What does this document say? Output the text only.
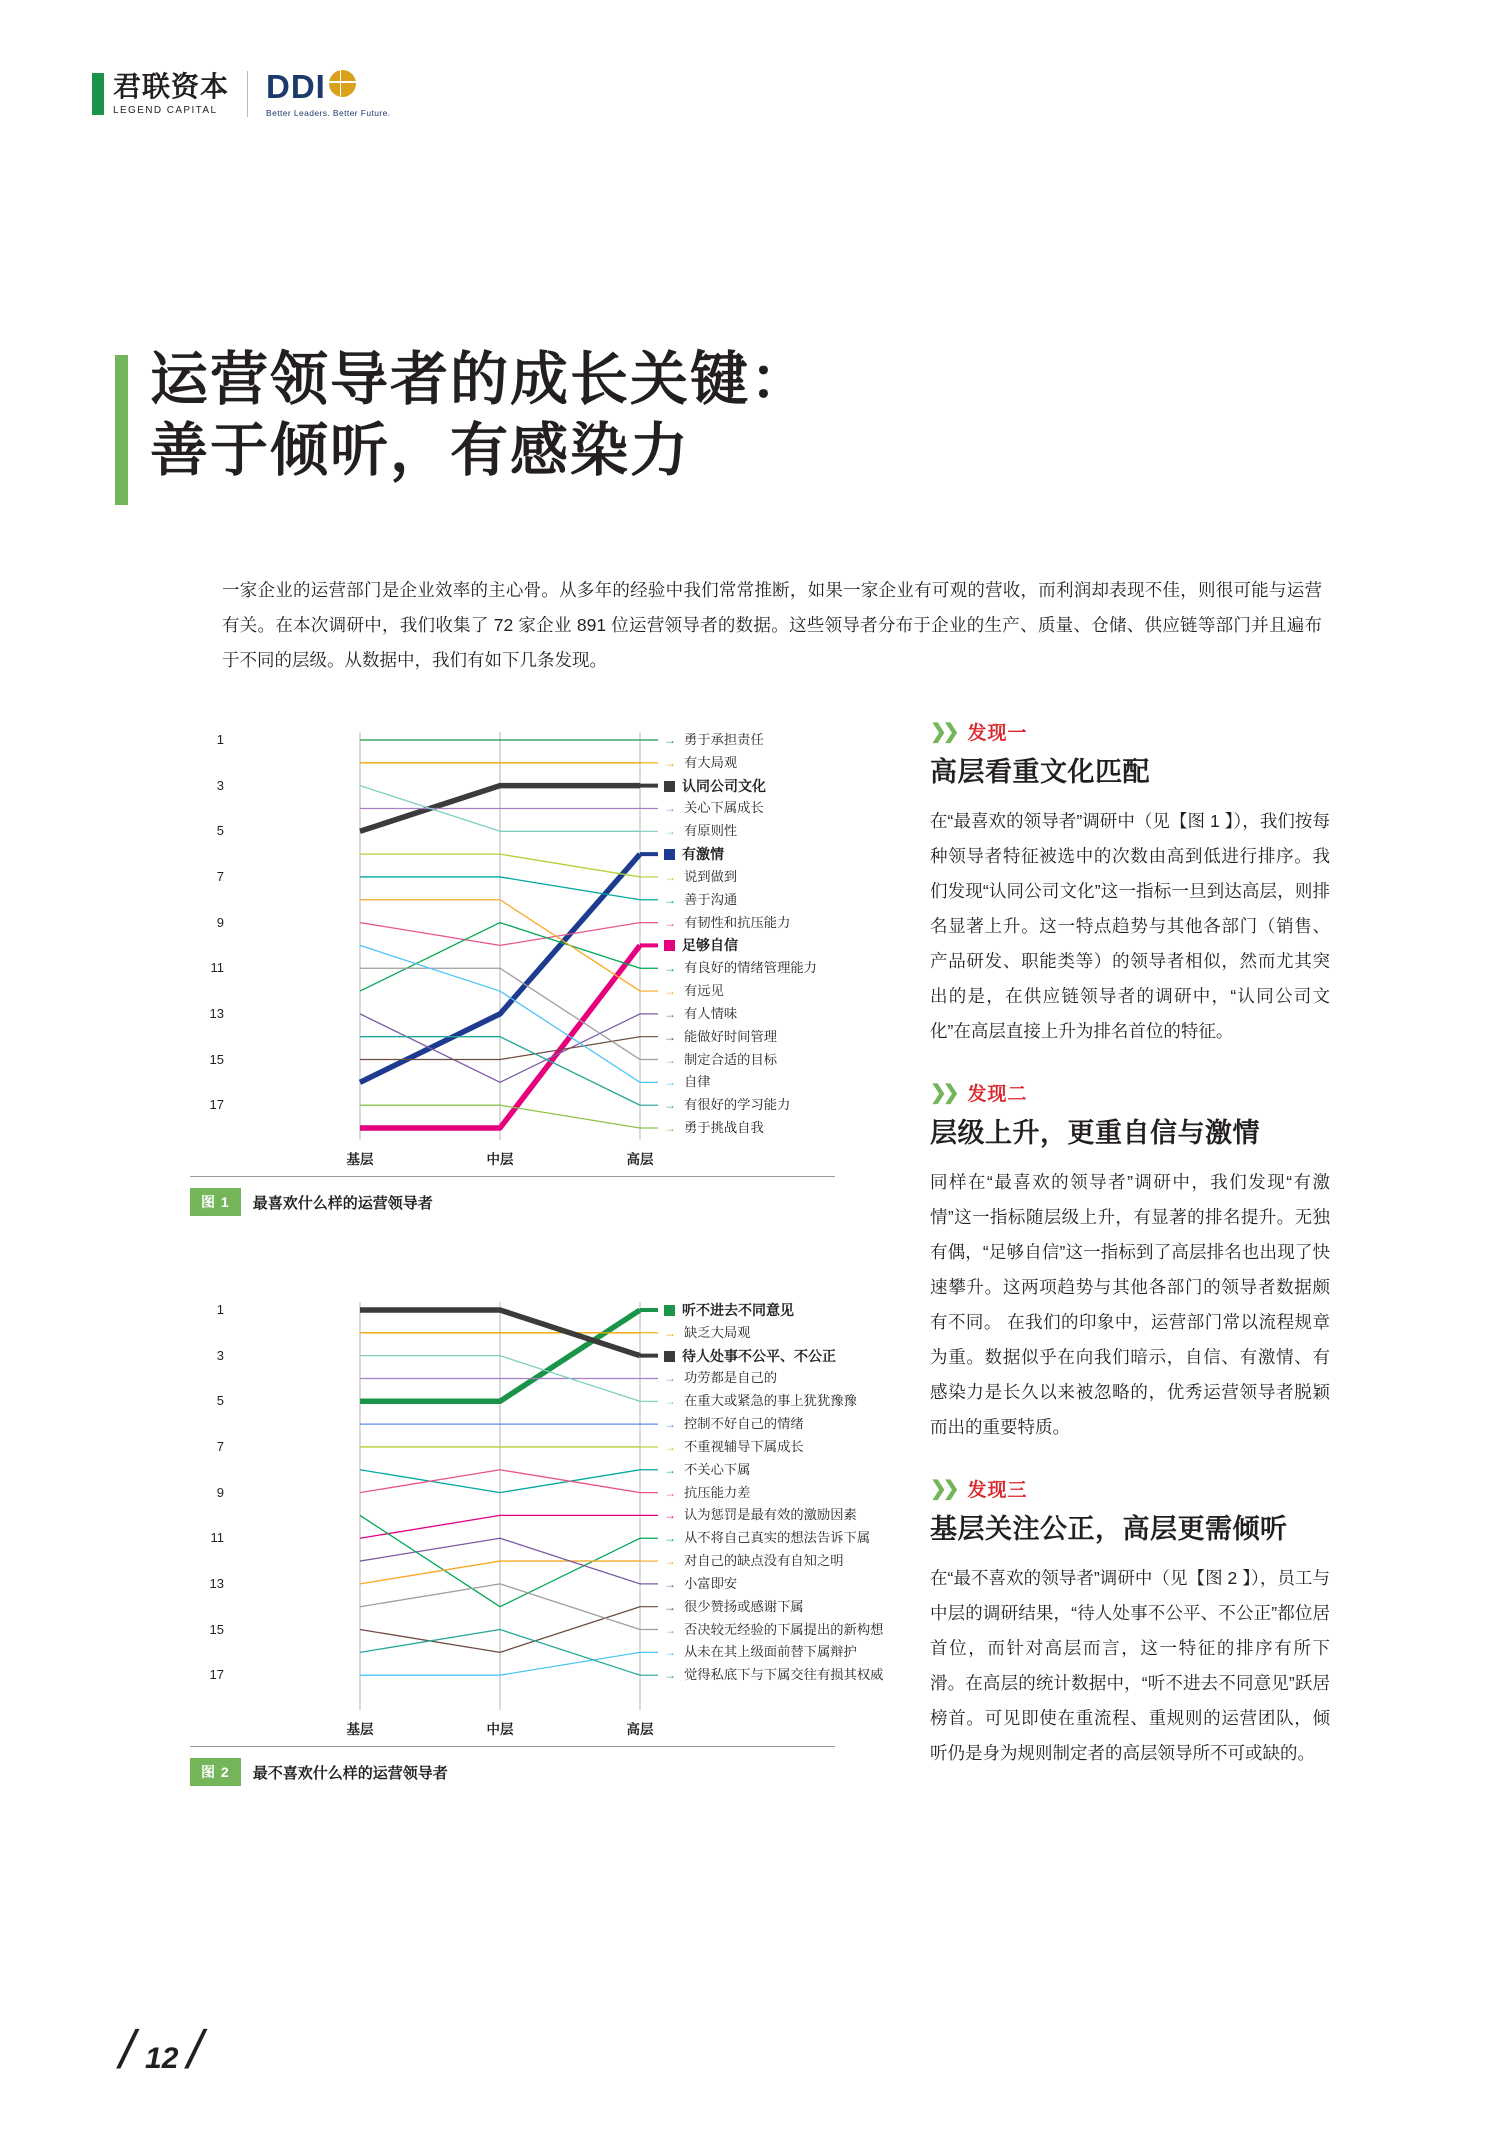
君联资本
LEGEND CAPITAL
DDI
Better Leaders. Better Future.
运营领导者的成长关键：
善于倾听，有感染力
一家企业的运营部门是企业效率的主心骨。从多年的经验中我们常常推断，如果一家企业有可观的营收，而利润却表现不佳，则很可能与运营有关。在本次调研中，我们收集了 72 家企业 891 位运营领导者的数据。这些领导者分布于企业的生产、质量、仓储、供应链等部门并且遍布于不同的层级。从数据中，我们有如下几条发现。
1
3
5
7
9
11
13
15
17
基层	中层	高层
→ 勇于承担责任
→ 有大局观
认同公司文化
→ 关心下属成长
→ 有原则性
有激情
→ 说到做到
→ 善于沟通
→ 有韧性和抗压能力
足够自信
→ 有良好的情绪管理能力
→ 有远见
→ 有人情味
→ 能做好时间管理
→ 制定合适的目标
→ 自律
→ 有很好的学习能力
→ 勇于挑战自我
图 1	最喜欢什么样的运营领导者
1
3
5
7
9
11
13
15
17
基层	中层	高层
听不进去不同意见
→ 缺乏大局观
待人处事不公平、不公正
→ 功劳都是自己的
→ 在重大或紧急的事上犹犹豫豫
→ 控制不好自己的情绪
→ 不重视辅导下属成长
→ 不关心下属
→ 抗压能力差
→ 认为惩罚是最有效的激励因素
→ 从不将自己真实的想法告诉下属
→ 对自己的缺点没有自知之明
→ 小富即安
→ 很少赞扬或感谢下属
→ 否决较无经验的下属提出的新构想
→ 从未在其上级面前替下属辩护
→ 觉得私底下与下属交往有损其权威
图 2	最不喜欢什么样的运营领导者
❯❯ 发现一
高层看重文化匹配
在“最喜欢的领导者”调研中（见【图 1 】），我们按每种领导者特征被选中的次数由高到低进行排序。我们发现“认同公司文化”这一指标一旦到达高层，则排名显著上升。这一特点趋势与其他各部门（销售、产品研发、职能类等）的领导者相似，然而尤其突出的是，在供应链领导者的调研中，“认同公司文化”在高层直接上升为排名首位的特征。
❯❯ 发现二
层级上升，更重自信与激情
同样在“最喜欢的领导者”调研中，我们发现“有激情”这一指标随层级上升，有显著的排名提升。无独有偶，“足够自信”这一指标到了高层排名也出现了快速攀升。这两项趋势与其他各部门的领导者数据颇有不同。 在我们的印象中，运营部门常以流程规章为重。数据似乎在向我们暗示，自信、有激情、有感染力是长久以来被忽略的，优秀运营领导者脱颖而出的重要特质。
❯❯ 发现三
基层关注公正，高层更需倾听
在“最不喜欢的领导者”调研中（见【图 2 】），员工与中层的调研结果，“待人处事不公平、不公正”都位居首位，而针对高层而言，这一特征的排序有所下滑。在高层的统计数据中，“听不进去不同意见”跃居榜首。可见即使在重流程、重规则的运营团队，倾听仍是身为规则制定者的高层领导所不可或缺的。
/ 12 /
